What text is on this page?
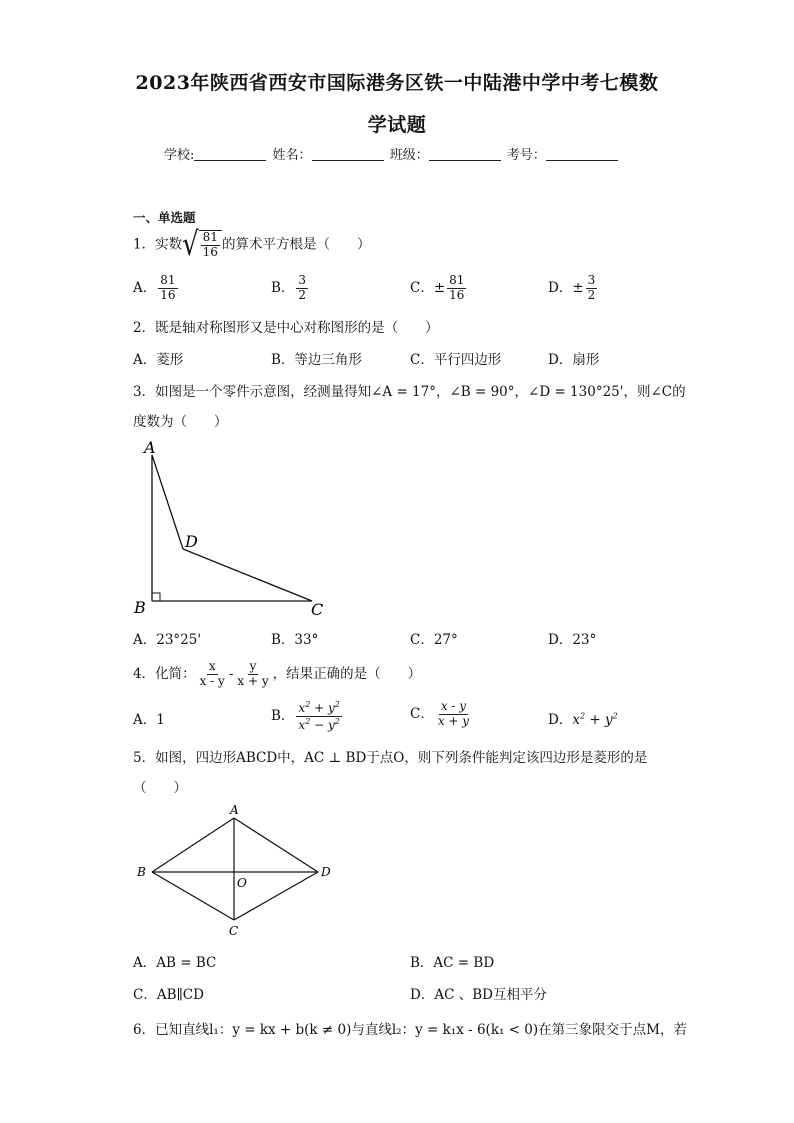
2023年陕西省西安市国际港务区铁一中陆港中学中考七模数
学试题
学校:	姓名：	班级：	考号：
一、单选题
1．实数 √ $\frac{81}{16}$ 的算术平方根是（　　）
A． $\frac{81}{16}$	B． $\frac{3}{2}$	C．± $\frac{81}{16}$	D．± $\frac{3}{2}$
2．既是轴对称图形又是中心对称图形的是（　　）
A．菱形	B．等边三角形	C．平行四边形	D．扇形
3．如图是一个零件示意图，经测量得知∠A = 17°，∠B = 90°，∠D = 130°25'，则∠C的
度数为（　　）
A
B	C
D
A．23°25'	B．33°	C．27°	D．23°
4．化简： $\frac{x}{x - y} - \frac{y}{x + y}$ ，结果正确的是（　　）
A．1	B． $\frac{x^2 + y^2}{x^2 - y^2}$	C． $\frac{x - y}{x + y}$	D．$x^2 + y^2$
5．如图，四边形ABCD中，AC ⊥ BD于点O，则下列条件能判定该四边形是菱形的是
（　　）
A
B
C
D
O
A．AB = BC	B．AC = BD
C．AB∥CD	D．AC 、BD互相平分
6．已知直线l₁：y = kx + b(k ≠ 0)与直线l₂：y = k₁x - 6(k₁ < 0)在第三象限交于点M，若
